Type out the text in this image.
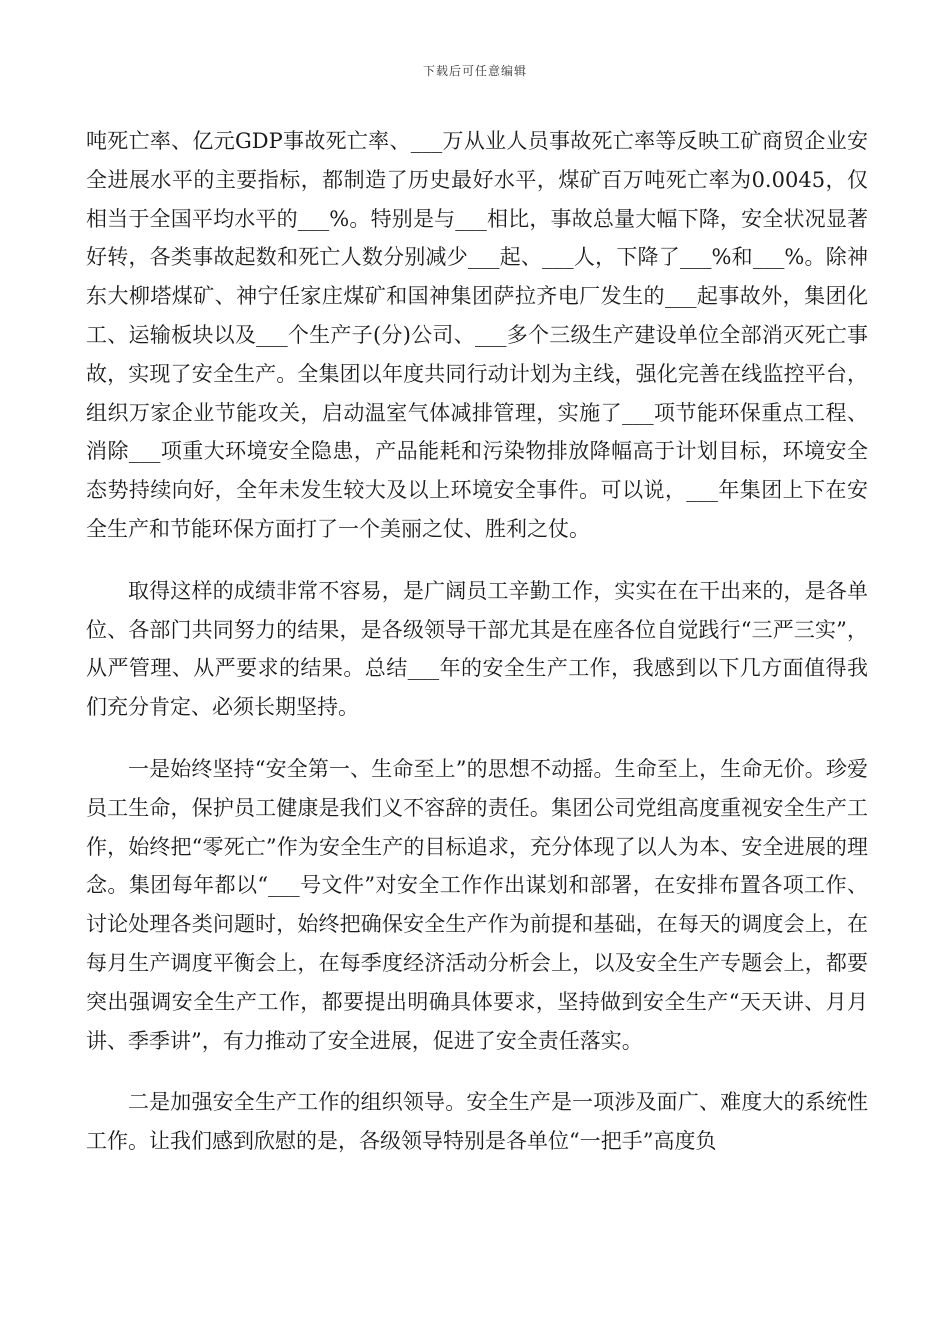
下载后可任意编辑

吨死亡率、亿元GDP事故死亡率、___万从业人员事故死亡率等反映工矿商贸企业安全进展水平的主要指标，都制造了历史最好水平，煤矿百万吨死亡率为0.0045，仅相当于全国平均水平的___%。特别是与___相比，事故总量大幅下降，安全状况显著好转，各类事故起数和死亡人数分别减少___起、___人，下降了___%和___%。除神东大柳塔煤矿、神宁任家庄煤矿和国神集团萨拉齐电厂发生的___起事故外，集团化工、运输板块以及___个生产子(分)公司、___多个三级生产建设单位全部消灭死亡事故，实现了安全生产。全集团以年度共同行动计划为主线，强化完善在线监控平台，组织万家企业节能攻关，启动温室气体减排管理，实施了___项节能环保重点工程、消除___项重大环境安全隐患，产品能耗和污染物排放降幅高于计划目标，环境安全态势持续向好，全年未发生较大及以上环境安全事件。可以说，___年集团上下在安全生产和节能环保方面打了一个美丽之仗、胜利之仗。

取得这样的成绩非常不容易，是广阔员工辛勤工作，实实在在干出来的，是各单位、各部门共同努力的结果，是各级领导干部尤其是在座各位自觉践行“三严三实”，从严管理、从严要求的结果。总结___年的安全生产工作，我感到以下几方面值得我们充分肯定、必须长期坚持。

一是始终坚持“安全第一、生命至上”的思想不动摇。生命至上，生命无价。珍爱员工生命，保护员工健康是我们义不容辞的责任。集团公司党组高度重视安全生产工作，始终把“零死亡”作为安全生产的目标追求，充分体现了以人为本、安全进展的理念。集团每年都以“___号文件”对安全工作作出谋划和部署，在安排布置各项工作、讨论处理各类问题时，始终把确保安全生产作为前提和基础，在每天的调度会上，在每月生产调度平衡会上，在每季度经济活动分析会上，以及安全生产专题会上，都要突出强调安全生产工作，都要提出明确具体要求，坚持做到安全生产“天天讲、月月讲、季季讲”，有力推动了安全进展，促进了安全责任落实。

二是加强安全生产工作的组织领导。安全生产是一项涉及面广、难度大的系统性工作。让我们感到欣慰的是，各级领导特别是各单位“一把手”高度负
